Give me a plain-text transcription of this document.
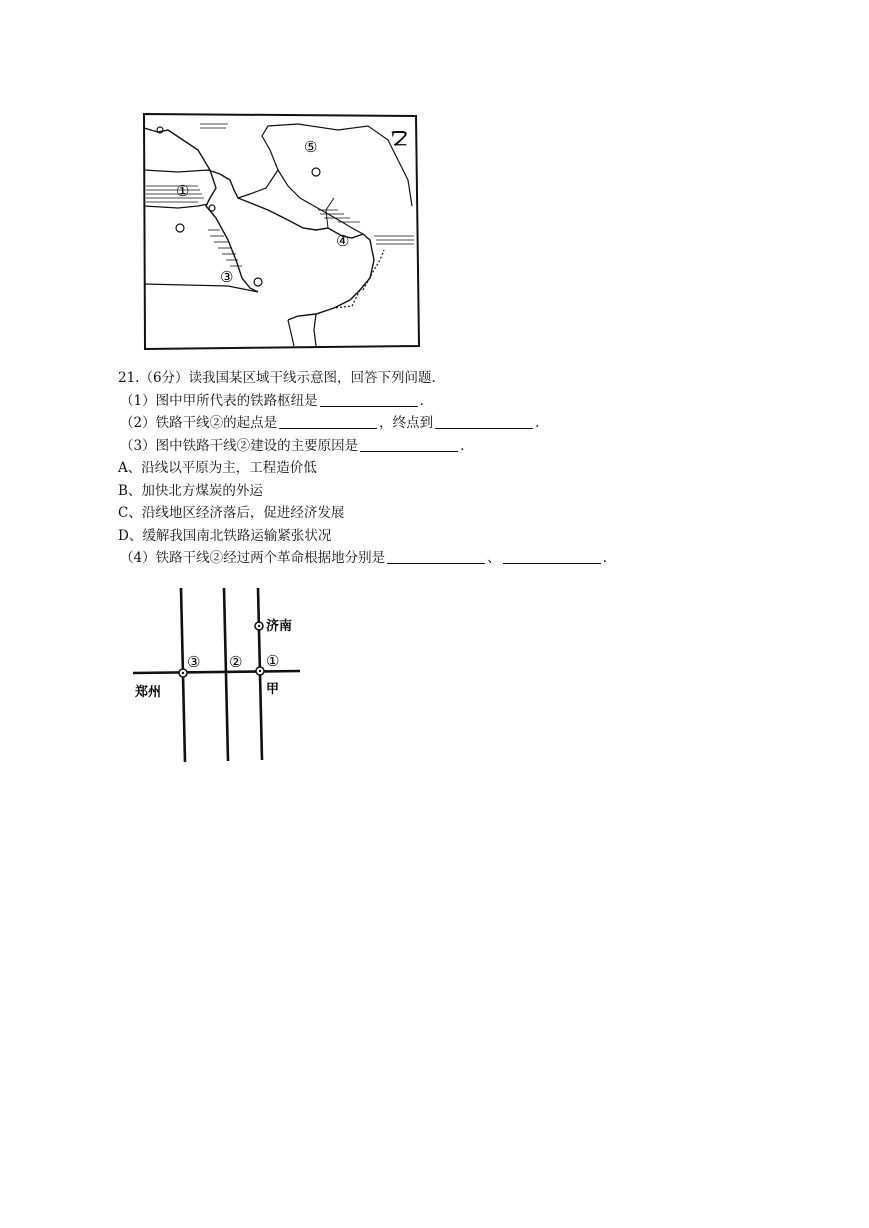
①
③
④
⑤	乙
21.（6分）读我国某区域干线示意图，回答下列问题.
（1）图中甲所代表的铁路枢纽是	.
（2）铁路干线②的起点是	，终点到	.
（3）图中铁路干线②建设的主要原因是	.
A、沿线以平原为主，工程造价低
B、加快北方煤炭的外运
C、沿线地区经济落后，促进经济发展
D、缓解我国南北铁路运输紧张状况
（4）铁路干线②经过两个革命根据地分别是	、	.
济南
郑州	甲
③ ② ①
